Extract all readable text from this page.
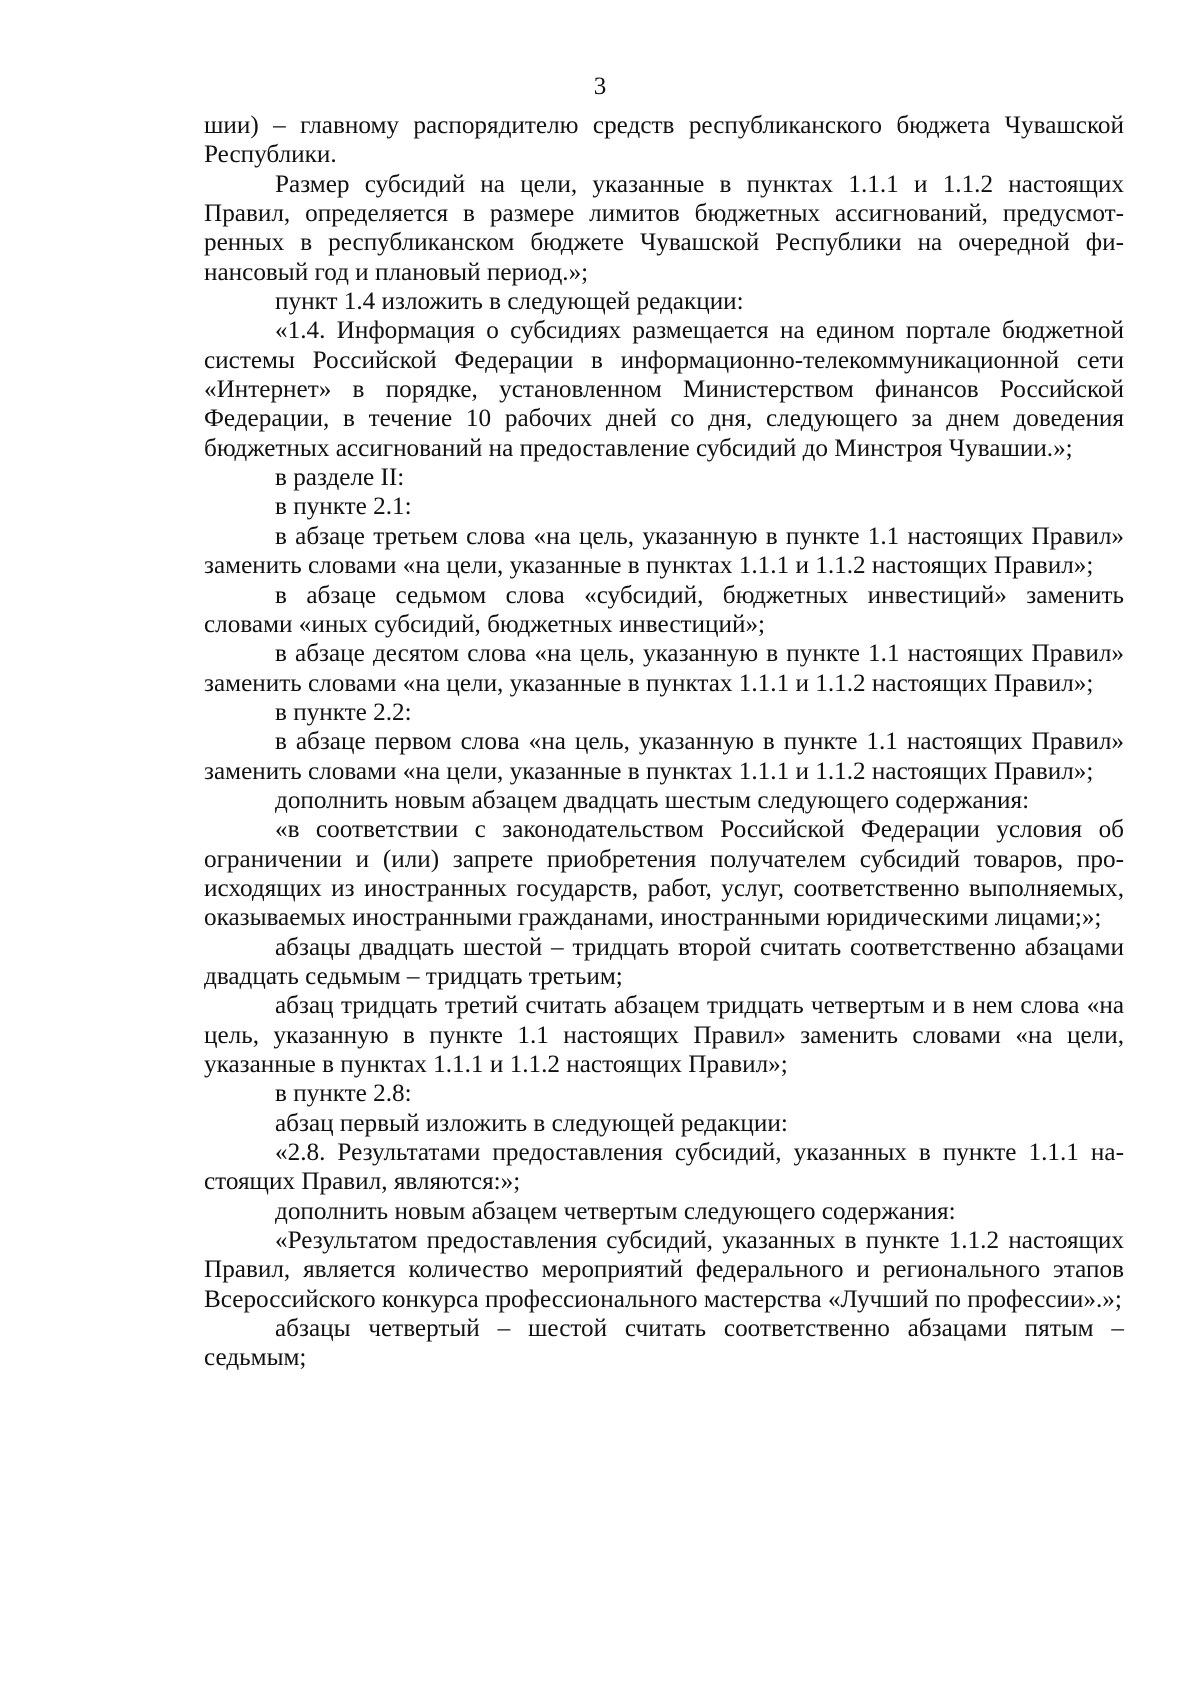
3

шии) – главному распорядителю средств республиканского бюджета Чувашской Республики.

Размер субсидий на цели, указанные в пунктах 1.1.1 и 1.1.2 настоящих Правил, определяется в размере лимитов бюджетных ассигнований, предусмотренных в республиканском бюджете Чувашской Республики на очередной финансовый год и плановый период.»;

пункт 1.4 изложить в следующей редакции:

«1.4. Информация о субсидиях размещается на едином портале бюджетной системы Российской Федерации в информационно-телекоммуникационной сети «Интернет» в порядке, установленном Министерством финансов Российской Федерации, в течение 10 рабочих дней со дня, следующего за днем доведения бюджетных ассигнований на предоставление субсидий до Минстроя Чувашии.»;

в разделе II:

в пункте 2.1:

в абзаце третьем слова «на цель, указанную в пункте 1.1 настоящих Правил» заменить словами «на цели, указанные в пунктах 1.1.1 и 1.1.2 настоящих Правил»;

в абзаце седьмом слова «субсидий, бюджетных инвестиций» заменить словами «иных субсидий, бюджетных инвестиций»;

в абзаце десятом слова «на цель, указанную в пункте 1.1 настоящих Правил» заменить словами «на цели, указанные в пунктах 1.1.1 и 1.1.2 настоящих Правил»;

в пункте 2.2:

в абзаце первом слова «на цель, указанную в пункте 1.1 настоящих Правил» заменить словами «на цели, указанные в пунктах 1.1.1 и 1.1.2 настоящих Правил»;

дополнить новым абзацем двадцать шестым следующего содержания:

«в соответствии с законодательством Российской Федерации условия об ограничении и (или) запрете приобретения получателем субсидий товаров, происходящих из иностранных государств, работ, услуг, соответственно выполняемых, оказываемых иностранными гражданами, иностранными юридическими лицами;»;

абзацы двадцать шестой – тридцать второй считать соответственно абзацами двадцать седьмым – тридцать третьим;

абзац тридцать третий считать абзацем тридцать четвертым и в нем слова «на цель, указанную в пункте 1.1 настоящих Правил» заменить словами «на цели, указанные в пунктах 1.1.1 и 1.1.2 настоящих Правил»;

в пункте 2.8:

абзац первый изложить в следующей редакции:

«2.8. Результатами предоставления субсидий, указанных в пункте 1.1.1 настоящих Правил, являются:»;

дополнить новым абзацем четвертым следующего содержания:

«Результатом предоставления субсидий, указанных в пункте 1.1.2 настоящих Правил, является количество мероприятий федерального и регионального этапов Всероссийского конкурса профессионального мастерства «Лучший по профессии».»;

абзацы четвертый – шестой считать соответственно абзацами пятым – седьмым;
